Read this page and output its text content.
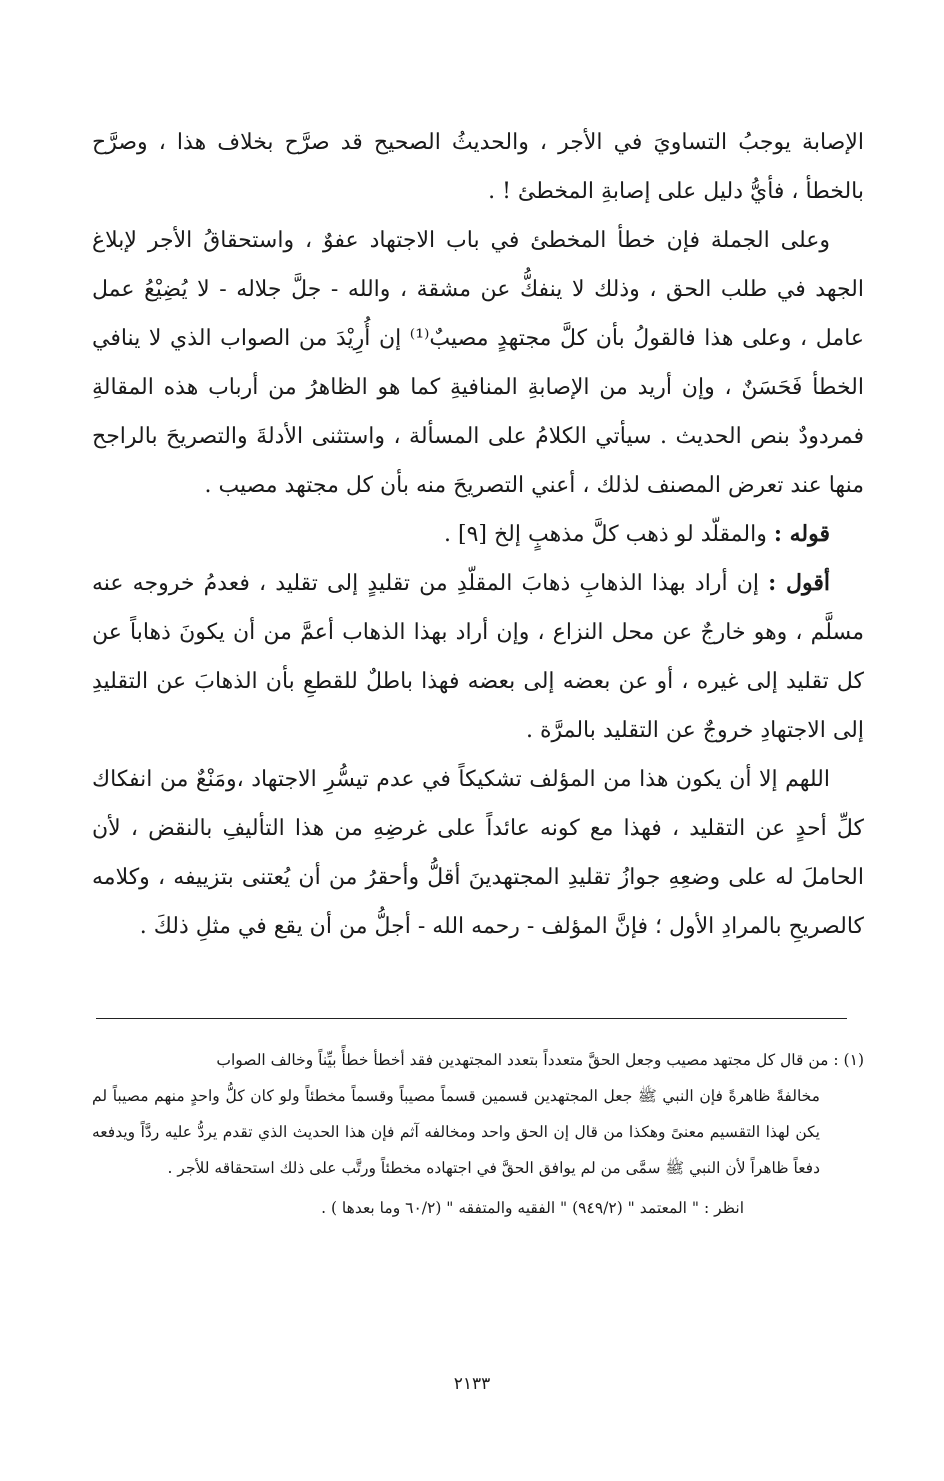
الإصابة يوجبُ التساويَ في الأجر ، والحديثُ الصحيح قد صرَّح بخلاف هذا ، وصرَّح بالخطأ ، فأيُّ دليل على إصابةِ المخطئ ! .

وعلى الجملة فإن خطأ المخطئ في باب الاجتهاد عفوٌ ، واستحقاقُ الأجر لإبلاغ الجهد في طلب الحق ، وذلك لا ينفكُّ عن مشقة ، والله - جلَّ جلاله - لا يُضِيْعُ عمل عامل ، وعلى هذا فالقولُ بأن كلَّ مجتهدٍ مصيبٌ⁽¹⁾ إن أُرِيْدَ من الصواب الذي لا ينافي الخطأ فَحَسَنٌ ، وإن أريد من الإصابةِ المنافيةِ كما هو الظاهرُ من أرباب هذه المقالةِ فمردودٌ بنص الحديث . سيأتي الكلامُ على المسألة ، واستثنى الأدلةَ والتصريحَ بالراجح منها عند تعرض المصنف لذلك ، أعني التصريحَ منه بأن كل مجتهد مصيب .

قوله : والمقلّد لو ذهب كلَّ مذهبٍ إلخ [٩] .

أقول : إن أراد بهذا الذهابِ ذهابَ المقلّدِ من تقليدٍ إلى تقليد ، فعدمُ خروجه عنه مسلَّم ، وهو خارجٌ عن محل النزاع ، وإن أراد بهذا الذهاب أعمَّ من أن يكونَ ذهاباً عن كل تقليد إلى غيره ، أو عن بعضه إلى بعضه فهذا باطلٌ للقطعِ بأن الذهابَ عن التقليدِ إلى الاجتهادِ خروجٌ عن التقليد بالمرَّة .

اللهم إلا أن يكون هذا من المؤلف تشكيكاً في عدم تيسُّرِ الاجتهاد ،ومَنْعٌ من انفكاك كلِّ أحدٍ عن التقليد ، فهذا مع كونه عائداً على غرضِهِ من هذا التأليفِ بالنقض ، لأن الحاملَ له على وضعِهِ جوازُ تقليدِ المجتهدينَ أقلُّ وأحقرُ من أن يُعتنى بتزييفه ، وكلامه كالصريحِ بالمرادِ الأول ؛ فإنَّ المؤلف - رحمه الله - أجلُّ من أن يقع في مثلِ ذلكَ .

(١) : من قال كل مجتهد مصيب وجعل الحقَّ متعدداً بتعدد المجتهدين فقد أخطأ خطأً بيِّناً وخالف الصواب

مخالفةً ظاهرةً فإن النبي ﷺ جعل المجتهدين قسمين قسماً مصيباً وقسماً مخطئاً ولو كان كلُّ واحدٍ منهم مصيباً لم يكن لهذا التقسيم معنىً وهكذا من قال إن الحق واحد ومخالفه آثم فإن هذا الحديث الذي تقدم يردُّ عليه ردَّاً ويدفعه دفعاً ظاهراً لأن النبي ﷺ سمَّى من لم يوافق الحقَّ في اجتهاده مخطئاً ورتَّب على ذلك استحقاقه للأجر .

انظر : " المعتمد " (٩٤٩/٢) " الفقيه والمتفقه " (٦٠/٢ وما بعدها ) .

٢١٣٣
